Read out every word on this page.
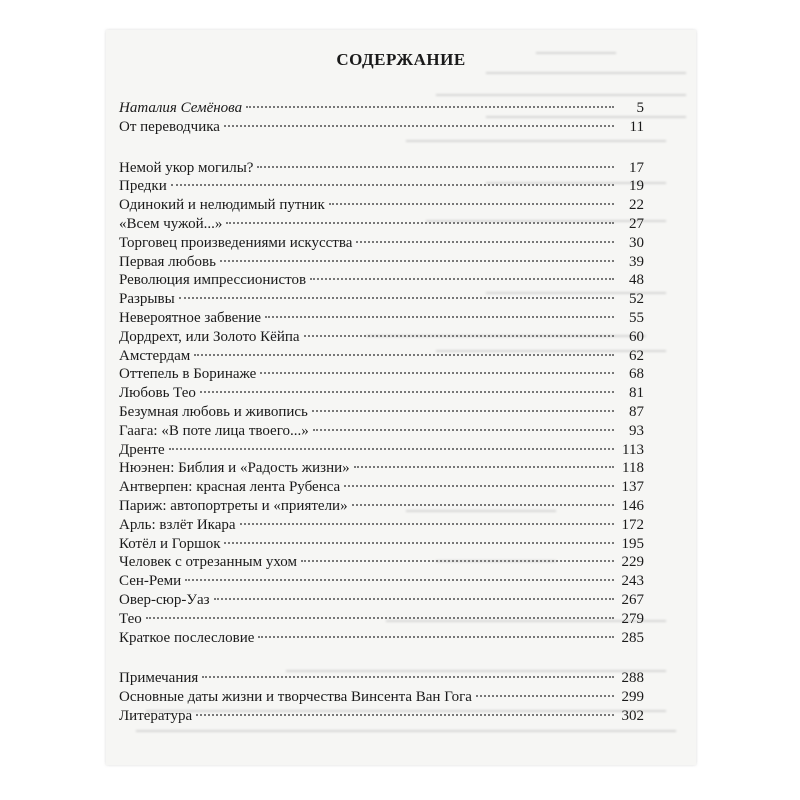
СОДЕРЖАНИЕ
Наталия Семёнова	5
От переводчика	11
Немой укор могилы?	17
Предки	19
Одинокий и нелюдимый путник	22
«Всем чужой...»	27
Торговец произведениями искусства	30
Первая любовь	39
Революция импрессионистов	48
Разрывы	52
Невероятное забвение	55
Дордрехт, или Золото Кёйпа	60
Амстердам	62
Оттепель в Боринаже	68
Любовь Тео	81
Безумная любовь и живопись	87
Гаага: «В поте лица твоего...»	93
Дренте	113
Нюэнен: Библия и «Радость жизни»	118
Антверпен: красная лента Рубенса	137
Париж: автопортреты и «приятели»	146
Арль: взлёт Икара	172
Котёл и Горшок	195
Человек с отрезанным ухом	229
Сен-Реми	243
Овер-сюр-Уаз	267
Тео	279
Краткое послесловие	285
Примечания	288
Основные даты жизни и творчества Винсента Ван Гога	299
Литература	302
